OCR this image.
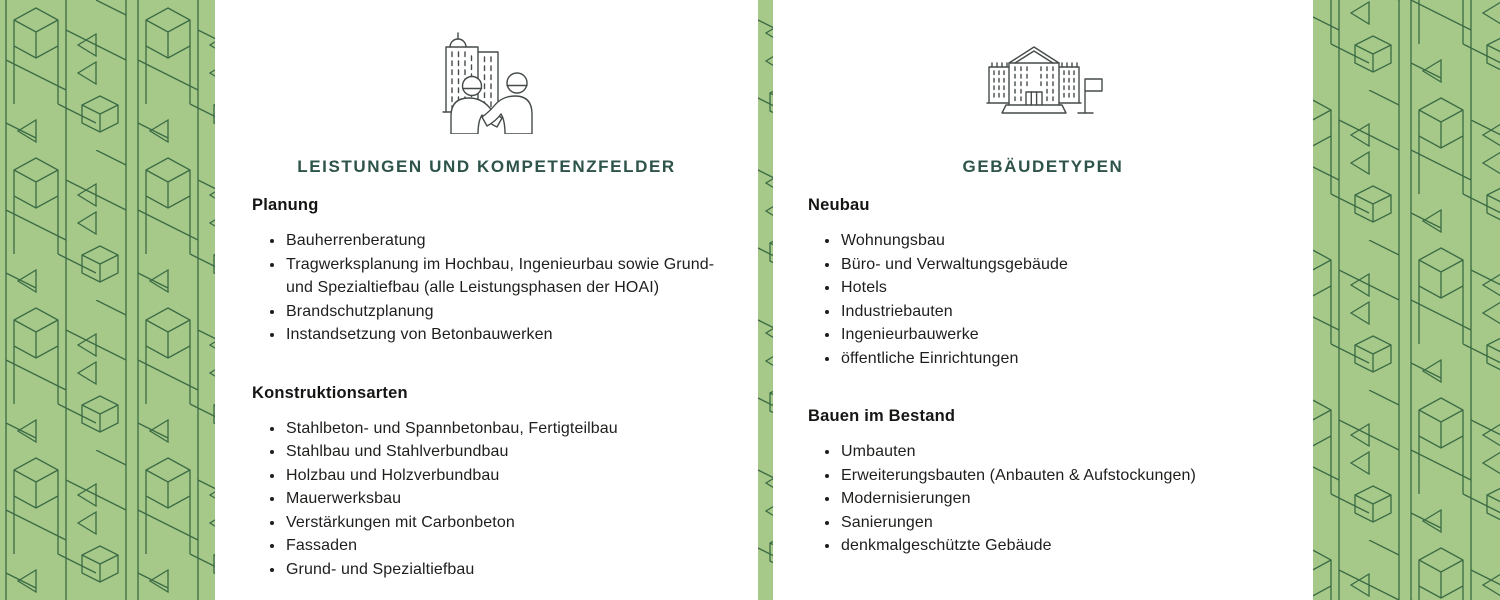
LEISTUNGEN UND KOMPETENZFELDER
Planung
• Bauherrenberatung
• Tragwerksplanung im Hochbau, Ingenieurbau sowie Grund- und Spezialtiefbau (alle Leistungsphasen der HOAI)
• Brandschutzplanung
• Instandsetzung von Betonbauwerken
Konstruktionsarten
• Stahlbeton- und Spannbetonbau, Fertigteilbau
• Stahlbau und Stahlverbundbau
• Holzbau und Holzverbundbau
• Mauerwerksbau
• Verstärkungen mit Carbonbeton
• Fassaden
• Grund- und Spezialtiefbau
GEBÄUDETYPEN
Neubau
• Wohnungsbau
• Büro- und Verwaltungsgebäude
• Hotels
• Industriebauten
• Ingenieurbauwerke
• öffentliche Einrichtungen
Bauen im Bestand
• Umbauten
• Erweiterungsbauten (Anbauten & Aufstockungen)
• Modernisierungen
• Sanierungen
• denkmalgeschützte Gebäude
